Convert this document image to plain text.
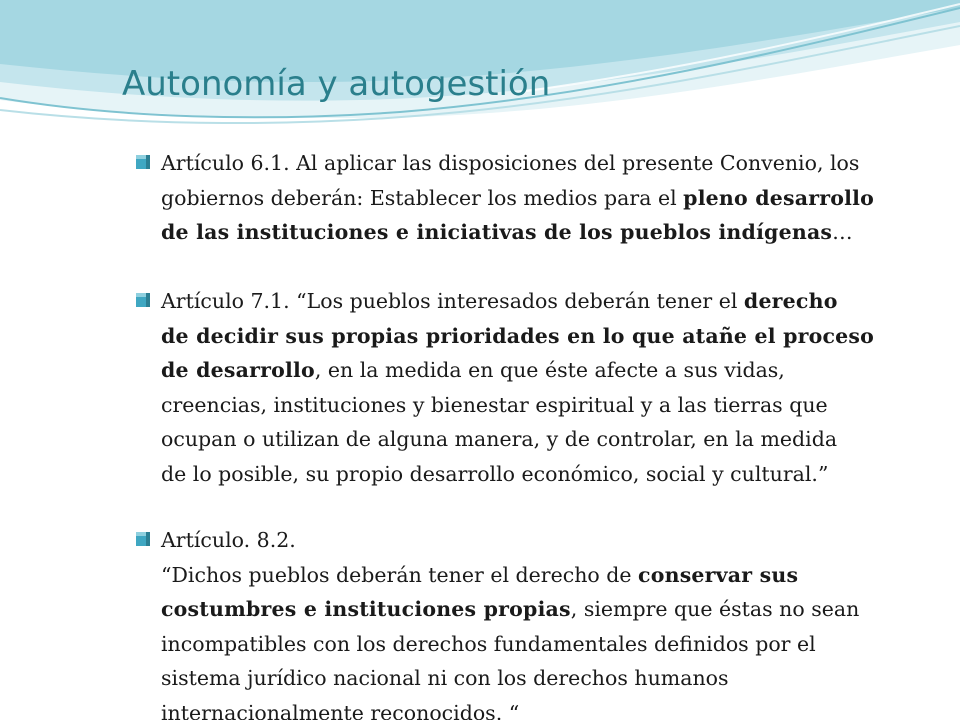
Autonomía y autogestión
Artículo 6.1. Al aplicar las disposiciones del presente Convenio, los
gobiernos deberán: Establecer los medios para el pleno desarrollo
de las instituciones e iniciativas de los pueblos indígenas…
Artículo 7.1. “Los pueblos interesados deberán tener el derecho
de decidir sus propias prioridades en lo que atañe el proceso
de desarrollo, en la medida en que éste afecte a sus vidas,
creencias, instituciones y bienestar espiritual y a las tierras que
ocupan o utilizan de alguna manera, y de controlar, en la medida
de lo posible, su propio desarrollo económico, social y cultural.”
Artículo. 8.2.
“Dichos pueblos deberán tener el derecho de conservar sus
costumbres e instituciones propias, siempre que éstas no sean
incompatibles con los derechos fundamentales definidos por el
sistema jurídico nacional ni con los derechos humanos
internacionalmente reconocidos. “
